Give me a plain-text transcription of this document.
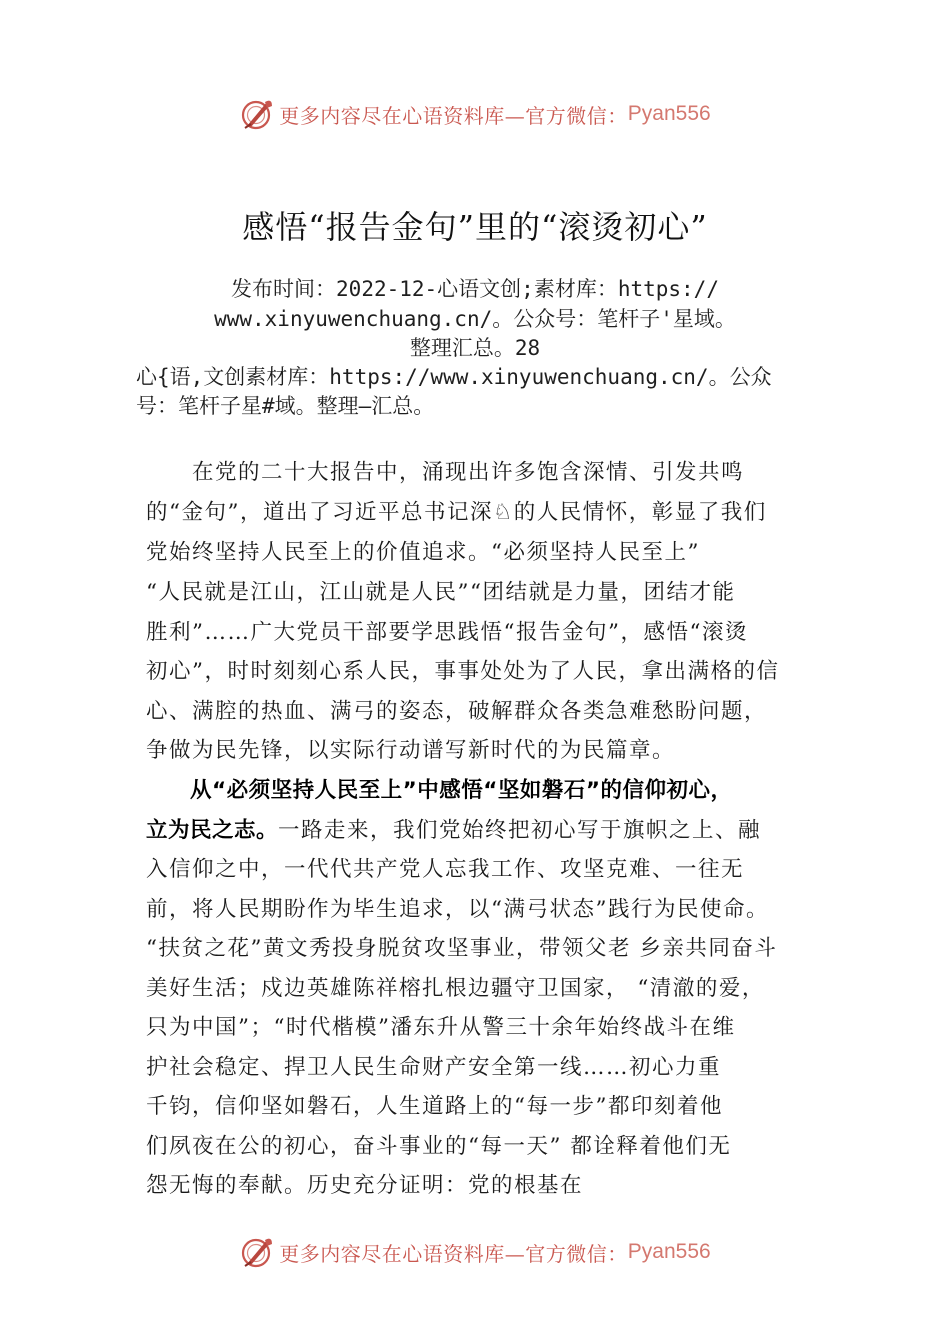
更多内容尽在心语资料库—官方微信： Pyan556
感悟“报告金句”里的“滚烫初心”
发布时间：2022-12-心语文创;素材库：https://
www.xinyuwenchuang.cn/。公众号：笔杆子'星域。
整理汇总。28
心{语,文创素材库：https://www.xinyuwenchuang.cn/。公众
号：笔杆子星#域。整理—汇总。
　　在党的二十大报告中，涌现出许多饱含深情、引发共鸣
的“金句”，道出了习近平总书记深♘的人民情怀，彰显了我们
党始终坚持人民至上的价值追求。“必须坚持人民至上”
“人民就是江山，江山就是人民”“团结就是力量，团结才能
胜利”……广大党员干部要学思践悟“报告金句”，感悟“滚烫
初心”，时时刻刻心系人民，事事处处为了人民，拿出满格的信
心、满腔的热血、满弓的姿态，破解群众各类急难愁盼问题，
争做为民先锋，以实际行动谱写新时代的为民篇章。
　　从“必须坚持人民至上”中感悟“坚如磐石”的信仰初心，
立为民之志。一路走来，我们党始终把初心写于旗帜之上、融
入信仰之中，一代代共产党人忘我工作、攻坚克难、一往无
前，将人民期盼作为毕生追求，以“满弓状态”践行为民使命。
“扶贫之花”黄文秀投身脱贫攻坚事业，带领父老 乡亲共同奋斗
美好生活；戍边英雄陈祥榕扎根边疆守卫国家， “清澈的爱，
只为中国”；“时代楷模”潘东升从警三十余年始终战斗在维
护社会稳定、捍卫人民生命财产安全第一线……初心力重
千钧，信仰坚如磐石，人生道路上的“每一步”都印刻着他
们夙夜在公的初心，奋斗事业的“每一天” 都诠释着他们无
怨无悔的奉献。历史充分证明：党的根基在
更多内容尽在心语资料库—官方微信： Pyan556
